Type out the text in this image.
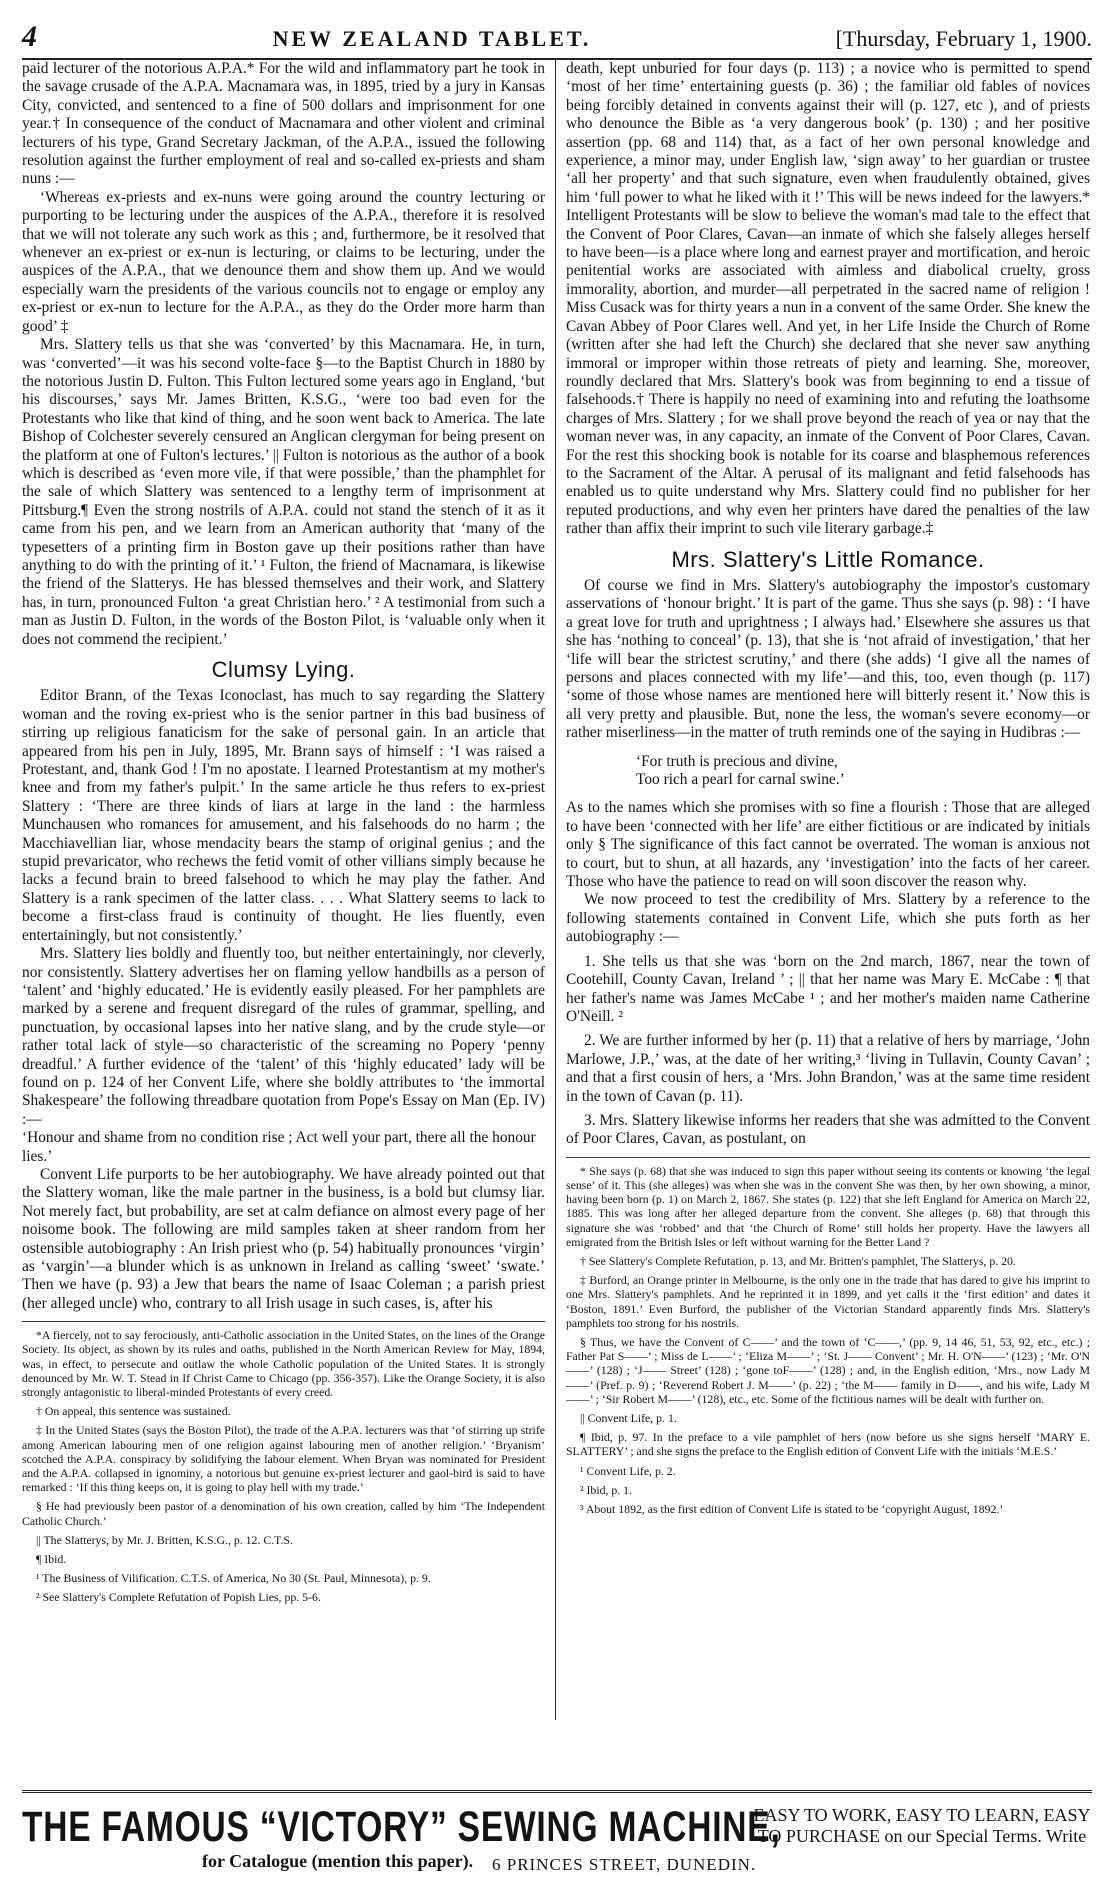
4	NEW ZEALAND TABLET.	[Thursday, February 1, 1900.

paid lecturer of the notorious A.P.A.* For the wild and inflammatory part he took in the savage crusade of the A.P.A. Macnamara was, in 1895, tried by a jury in Kansas City, convicted, and sentenced to a fine of 500 dollars and imprisonment for one year.† In consequence of the conduct of Macnamara and other violent and criminal lecturers of his type, Grand Secretary Jackman, of the A.P.A., issued the following resolution against the further employment of real and so-called ex-priests and sham nuns :—

‘Whereas ex-priests and ex-nuns were going around the country lecturing or purporting to be lecturing under the auspices of the A.P.A., therefore it is resolved that we will not tolerate any such work as this ; and, furthermore, be it resolved that whenever an ex-priest or ex-nun is lecturing, or claims to be lecturing, under the auspices of the A.P.A., that we denounce them and show them up. And we would especially warn the presidents of the various councils not to engage or employ any ex-priest or ex-nun to lecture for the A.P.A., as they do the Order more harm than good’ ‡

Mrs. Slattery tells us that she was ‘converted’ by this Macnamara. He, in turn, was ‘converted’—it was his second volte-face §—to the Baptist Church in 1880 by the notorious Justin D. Fulton. This Fulton lectured some years ago in England, ‘but his discourses,’ says Mr. James Britten, K.S.G., ‘were too bad even for the Protestants who like that kind of thing, and he soon went back to America. The late Bishop of Colchester severely censured an Anglican clergyman for being present on the platform at one of Fulton's lectures.’ || Fulton is notorious as the author of a book which is described as ‘even more vile, if that were possible,’ than the phamphlet for the sale of which Slattery was sentenced to a lengthy term of imprisonment at Pittsburg.¶ Even the strong nostrils of A.P.A. could not stand the stench of it as it came from his pen, and we learn from an American authority that ‘many of the typesetters of a printing firm in Boston gave up their positions rather than have anything to do with the printing of it.’ ¹ Fulton, the friend of Macnamara, is likewise the friend of the Slatterys. He has blessed themselves and their work, and Slattery has, in turn, pronounced Fulton ‘a great Christian hero.’ ² A testimonial from such a man as Justin D. Fulton, in the words of the Boston Pilot, is ‘valuable only when it does not commend the recipient.’

Clumsy Lying.

Editor Brann, of the Texas Iconoclast, has much to say regarding the Slattery woman and the roving ex-priest who is the senior partner in this bad business of stirring up religious fanaticism for the sake of personal gain. In an article that appeared from his pen in July, 1895, Mr. Brann says of himself : ‘I was raised a Protestant, and, thank God ! I'm no apostate. I learned Protestantism at my mother's knee and from my father's pulpit.’ In the same article he thus refers to ex-priest Slattery : ‘There are three kinds of liars at large in the land : the harmless Munchausen who romances for amusement, and his falsehoods do no harm ; the Macchiavellian liar, whose mendacity bears the stamp of original genius ; and the stupid prevaricator, who rechews the fetid vomit of other villians simply because he lacks a fecund brain to breed falsehood to which he may play the father. And Slattery is a rank specimen of the latter class. . . . What Slattery seems to lack to become a first-class fraud is continuity of thought. He lies fluently, even entertainingly, but not consistently.’

Mrs. Slattery lies boldly and fluently too, but neither entertainingly, nor cleverly, nor consistently. Slattery advertises her on flaming yellow handbills as a person of ‘talent’ and ‘highly educated.’ He is evidently easily pleased. For her pamphlets are marked by a serene and frequent disregard of the rules of grammar, spelling, and punctuation, by occasional lapses into her native slang, and by the crude style—or rather total lack of style—so characteristic of the screaming no Popery ‘penny dreadful.’ A further evidence of the ‘talent’ of this ‘highly educated’ lady will be found on p. 124 of her Convent Life, where she boldly attributes to ‘the immortal Shakespeare’ the following threadbare quotation from Pope's Essay on Man (Ep. IV) :—

‘Honour and shame from no condition rise ; Act well your part, there all the honour lies.’

Convent Life purports to be her autobiography. We have already pointed out that the Slattery woman, like the male partner in the business, is a bold but clumsy liar. Not merely fact, but probability, are set at calm defiance on almost every page of her noisome book. The following are mild samples taken at sheer random from her ostensible autobiography : An Irish priest who (p. 54) habitually pronounces ‘virgin’ as ‘vargin’—a blunder which is as unknown in Ireland as calling ‘sweet’ ‘swate.’ Then we have (p. 93) a Jew that bears the name of Isaac Coleman ; a parish priest (her alleged uncle) who, contrary to all Irish usage in such cases, is, after his

*A fiercely, not to say ferociously, anti-Catholic association in the United States, on the lines of the Orange Society. Its object, as shown by its rules and oaths, published in the North American Review for May, 1894, was, in effect, to persecute and outlaw the whole Catholic population of the United States. It is strongly denounced by Mr. W. T. Stead in If Christ Came to Chicago (pp. 356-357). Like the Orange Society, it is also strongly antagonistic to liberal-minded Protestants of every creed.

† On appeal, this sentence was sustained.

‡ In the United States (says the Boston Pilot), the trade of the A.P.A. lecturers was that ‘of stirring up strife among American labouring men of one religion against labouring men of another religion.’ ‘Bryanism’ scotched the A.P.A. conspiracy by solidifying the labour element. When Bryan was nominated for President and the A.P.A. collapsed in ignominy, a notorious but genuine ex-priest lecturer and gaol-bird is said to have remarked : ‘If this thing keeps on, it is going to play hell with my trade.’

§ He had previously been pastor of a denomination of his own creation, called by him ‘The Independent Catholic Church.’

|| The Slatterys, by Mr. J. Britten, K.S.G., p. 12. C.T.S.

¶ Ibid.

¹ The Business of Vilification. C.T.S. of America, No 30 (St. Paul, Minnesota), p. 9.

² See Slattery's Complete Refutation of Popish Lies, pp. 5-6.

death, kept unburied for four days (p. 113) ; a novice who is permitted to spend ‘most of her time’ entertaining guests (p. 36) ; the familiar old fables of novices being forcibly detained in convents against their will (p. 127, etc ), and of priests who denounce the Bible as ‘a very dangerous book’ (p. 130) ; and her positive assertion (pp. 68 and 114) that, as a fact of her own personal knowledge and experience, a minor may, under English law, ‘sign away’ to her guardian or trustee ‘all her property’ and that such signature, even when fraudulently obtained, gives him ‘full power to what he liked with it !’ This will be news indeed for the lawyers.* Intelligent Protestants will be slow to believe the woman's mad tale to the effect that the Convent of Poor Clares, Cavan—an inmate of which she falsely alleges herself to have been—is a place where long and earnest prayer and mortification, and heroic penitential works are associated with aimless and diabolical cruelty, gross immorality, abortion, and murder—all perpetrated in the sacred name of religion ! Miss Cusack was for thirty years a nun in a convent of the same Order. She knew the Cavan Abbey of Poor Clares well. And yet, in her Life Inside the Church of Rome (written after she had left the Church) she declared that she never saw anything immoral or improper within those retreats of piety and learning. She, moreover, roundly declared that Mrs. Slattery's book was from beginning to end a tissue of falsehoods.† There is happily no need of examining into and refuting the loathsome charges of Mrs. Slattery ; for we shall prove beyond the reach of yea or nay that the woman never was, in any capacity, an inmate of the Convent of Poor Clares, Cavan. For the rest this shocking book is notable for its coarse and blasphemous references to the Sacrament of the Altar. A perusal of its malignant and fetid falsehoods has enabled us to quite understand why Mrs. Slattery could find no publisher for her reputed productions, and why even her printers have dared the penalties of the law rather than affix their imprint to such vile literary garbage.‡

Mrs. Slattery's Little Romance.

Of course we find in Mrs. Slattery's autobiography the impostor's customary asservations of ‘honour bright.’ It is part of the game. Thus she says (p. 98) : ‘I have a great love for truth and uprightness ; I always had.’ Elsewhere she assures us that she has ‘nothing to conceal’ (p. 13), that she is ‘not afraid of investigation,’ that her ‘life will bear the strictest scrutiny,’ and there (she adds) ‘I give all the names of persons and places connected with my life’—and this, too, even though (p. 117) ‘some of those whose names are mentioned here will bitterly resent it.’ Now this is all very pretty and plausible. But, none the less, the woman's severe economy—or rather miserliness—in the matter of truth reminds one of the saying in Hudibras :—

‘For truth is precious and divine,
Too rich a pearl for carnal swine.’

As to the names which she promises with so fine a flourish : Those that are alleged to have been ‘connected with her life’ are either fictitious or are indicated by initials only § The significance of this fact cannot be overrated. The woman is anxious not to court, but to shun, at all hazards, any ‘investigation’ into the facts of her career. Those who have the patience to read on will soon discover the reason why.

We now proceed to test the credibility of Mrs. Slattery by a reference to the following statements contained in Convent Life, which she puts forth as her autobiography :—

1. She tells us that she was ‘born on the 2nd march, 1867, near the town of Cootehill, County Cavan, Ireland ’ ; || that her name was Mary E. McCabe : ¶ that her father's name was James McCabe ¹ ; and her mother's maiden name Catherine O'Neill. ²

2. We are further informed by her (p. 11) that a relative of hers by marriage, ‘John Marlowe, J.P.,’ was, at the date of her writing,³ ‘living in Tullavin, County Cavan’ ; and that a first cousin of hers, a ‘Mrs. John Brandon,’ was at the same time resident in the town of Cavan (p. 11).

3. Mrs. Slattery likewise informs her readers that she was admitted to the Convent of Poor Clares, Cavan, as postulant, on

* She says (p. 68) that she was induced to sign this paper without seeing its contents or knowing ‘the legal sense’ of it. This (she alleges) was when she was in the convent She was then, by her own showing, a minor, having been born (p. 1) on March 2, 1867. She states (p. 122) that she left England for America on March 22, 1885. This was long after her alleged departure from the convent. She alleges (p. 68) that through this signature she was ‘robbed’ and that ‘the Church of Rome’ still holds her property. Have the lawyers all emigrated from the British Isles or left without warning for the Better Land ?

† See Slattery's Complete Refutation, p. 13, and Mr. Britten's pamphlet, The Slatterys, p. 20.

‡ Burford, an Orange printer in Melbourne, is the only one in the trade that has dared to give his imprint to one Mrs. Slattery's pamphlets. And he reprinted it in 1899, and yet calls it the ‘first edition’ and dates it ‘Boston, 1891.’ Even Burford, the publisher of the Victorian Standard apparently finds Mrs. Slattery's pamphlets too strong for his nostrils.

§ Thus, we have the Convent of C——’ and the town of ‘C——,’ (pp. 9, 14 46, 51, 53, 92, etc., etc.) ; Father Pat S——’ ; Miss de L——’ ; ‘Eliza M——’ ; ‘St. J—— Convent’ ; Mr. H. O'N——’ (123) ; ‘Mr. O'N——’ (128) ; ‘J—— Street’ (128) ; ‘gone toF——’ (128) ; and, in the English edition, ‘Mrs., now Lady M——’ (Pref. p. 9) ; ‘Reverend Robert J. M——’ (p. 22) ; ‘the M—— family in D——, and his wife, Lady M——’ ; ‘Sir Robert M——’ (128), etc., etc. Some of the fictitious names will be dealt with further on.

|| Convent Life, p. 1.

¶ Ibid, p. 97. In the preface to a vile pamphlet of hers (now before us she signs herself ‘MARY E. SLATTERY’ ; and she signs the preface to the English edition of Convent Life with the initials ‘M.E.S.’

¹ Convent Life, p. 2.

² Ibid, p. 1.

³ About 1892, as the first edition of Convent Life is stated to be ‘copyright August, 1892.’

THE FAMOUS “VICTORY” SEWING MACHINE,
EASY TO WORK, EASY TO LEARN, EASY
TO PURCHASE on our Special Terms. Write
for Catalogue (mention this paper). 6 PRINCES STREET, DUNEDIN.
